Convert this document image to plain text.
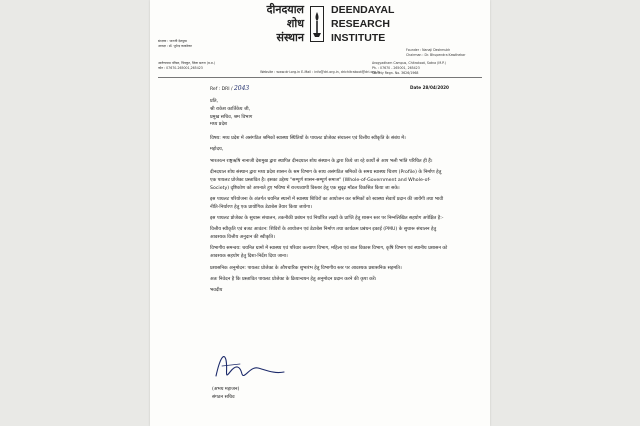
दीनदयाल
शोध
संस्थान
DEENDAYAL
RESEARCH
INSTITUTE
संरक्षक : भानजी देशमुख
अध्यक्ष : डॉ. भूपेन्द्र कावठेकर
Founder : Nanaji Deshmukh
Chairman : Dr. Bhupendra Kawthekar
आरोग्यधाम परिसर, चित्रकूट, जिला सतना (म.प्र.)
फोन : 07670-265001,265423
Arogyadham Campus, Chitrakoot, Satna (M.P.)
Ph. : 07670 - 265001, 265423
Society Regn. No. 3626/1968
Website : www.dri.org.in E-Mail : info@dri.org.in, drichitrakoot@dri.org.in
Ref : DRI / 2043	Date 28/04/2020

प्रति,

श्री राकेश कार्तिकेय जी,

प्रमुख सचिव, श्रम विभाग

मध्य प्रदेश

विषय: मध्य प्रदेश में असंगठित श्रमिकों स्वास्थ्य स्थितियों के पायलट प्रोजेक्ट संचालन एवं वित्तीय स्वीकृति के संबंध में।

महोदय,

भारतरत्न राष्ट्रऋषि नानाजी देशमुख द्वारा स्थापित दीनदयाल शोध संस्थान के द्वारा किये जा रहे कार्यों से आप भली भांति परिचित ही हैं।

दीनदयाल शोध संस्थान द्वारा मध्य प्रदेश शासन के श्रम विभाग के साथ असंगठित श्रमिकों के समग्र स्वास्थ्य चित्रण (Profile) के निर्माण हेतु एक पायलट प्रोजेक्ट प्रस्तावित है। इसका उद्देश्य "सम्पूर्ण शासन-सम्पूर्ण समाज" (Whole-of-Government and Whole-of-Society) दृष्टिकोण को अपनाते हुए भविष्य में राज्यव्यापी विस्तार हेतु एक सुदृढ़ मॉडल विकसित किया जा सके।

इस पायलट परियोजना के अंतर्गत चयनित स्थानों में स्वास्थ्य शिविरों का आयोजन कर श्रमिकों को स्वास्थ्य सेवायें प्रदान की जायेंगी तथा भावी नीति-निर्धारण हेतु एक प्रायोगिक डेटाबेस तैयार किया जायेगा।

इस पायलट प्रोजेक्ट के सुचारू संचालन, तकनीकी प्रबंधन एवं निर्धारित लक्ष्यों के प्राप्ति हेतु शासन स्तर पर निम्नलिखित सहयोग अपेक्षित है:-

वित्तीय स्वीकृति एवं बजट आवंटन: शिविरों के आयोजन एवं डेटाबेस निर्माण तथा कार्यक्रम प्रबंधन इकाई (PMU) के सुचारू संचालन हेतु आवश्यक वित्तीय अनुदान की स्वीकृति।

विभागीय समन्वय: चयनित ग्रामों में स्वास्थ्य एवं परिवार कल्याण विभाग, महिला एवं बाल विकास विभाग, कृषि विभाग एवं स्थानीय प्रशासन को आवश्यक सहयोग हेतु दिशा-निर्देश दिया जाना।

प्रशासनिक अनुमोदन: पायलट प्रोजेक्ट के औपचारिक शुभारंभ हेतु विभागीय स्तर पर आवश्यक प्रशासनिक सहमति।

अतः निवेदन है कि प्रस्तावित पायलट प्रोजेक्ट के क्रियान्वयन हेतु अनुमोदन प्रदान करने की कृपा करें।

भवदीय

(अभय महाजन)

संगठन सचिव
